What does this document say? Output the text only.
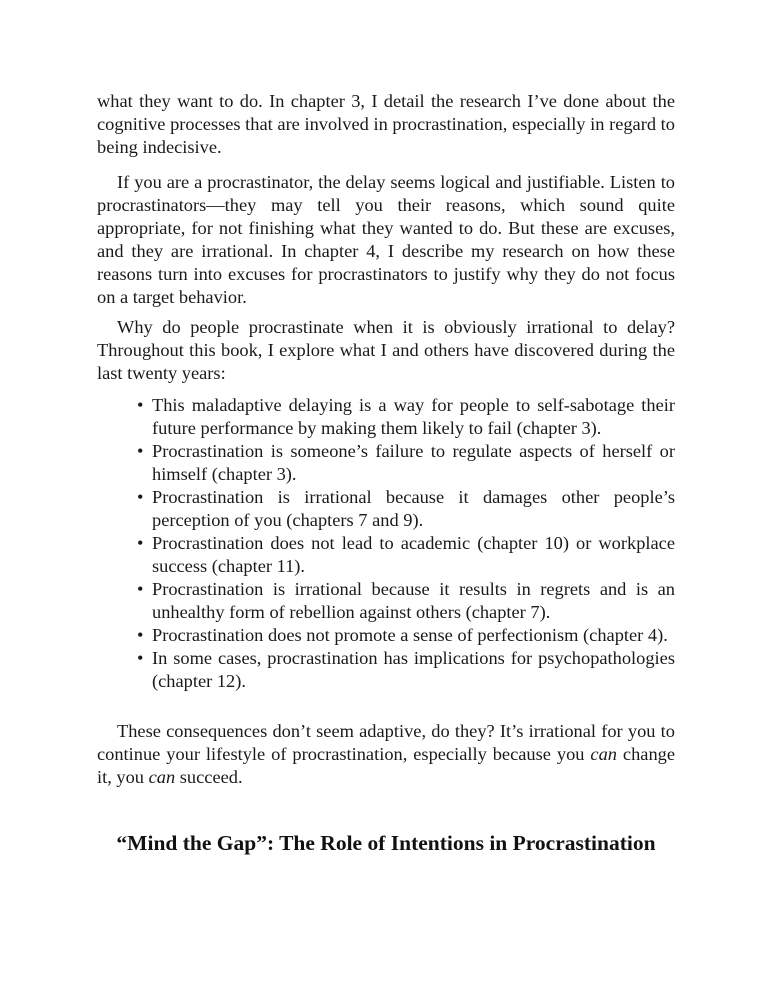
what they want to do. In chapter 3, I detail the research I’ve done about the cognitive processes that are involved in procrastination, especially in regard to being indecisive.

If you are a procrastinator, the delay seems logical and justifiable. Listen to procrastinators—they may tell you their reasons, which sound quite appropriate, for not finishing what they wanted to do. But these are excuses, and they are irrational. In chapter 4, I describe my research on how these reasons turn into excuses for procrastinators to justify why they do not focus on a target behavior.

Why do people procrastinate when it is obviously irrational to delay? Throughout this book, I explore what I and others have discovered during the last twenty years:

• This maladaptive delaying is a way for people to self-sabotage their future performance by making them likely to fail (chapter 3).
• Procrastination is someone’s failure to regulate aspects of herself or himself (chapter 3).
• Procrastination is irrational because it damages other people’s perception of you (chapters 7 and 9).
• Procrastination does not lead to academic (chapter 10) or workplace success (chapter 11).
• Procrastination is irrational because it results in regrets and is an unhealthy form of rebellion against others (chapter 7).
• Procrastination does not promote a sense of perfectionism (chapter 4).
• In some cases, procrastination has implications for psychopathologies (chapter 12).

These consequences don’t seem adaptive, do they? It’s irrational for you to continue your lifestyle of procrastination, especially because you can change it, you can succeed.

“Mind the Gap”: The Role of Intentions in Procrastination
